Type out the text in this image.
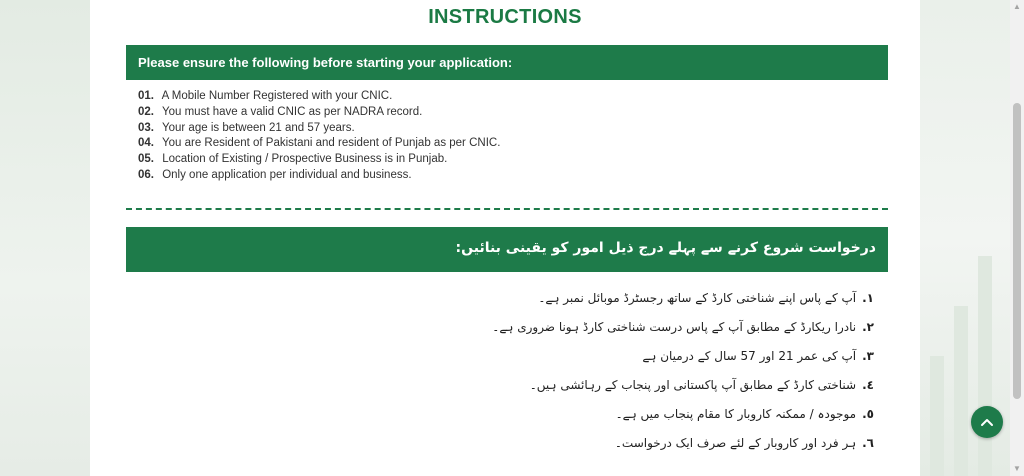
INSTRUCTIONS
Please ensure the following before starting your application:
01. A Mobile Number Registered with your CNIC.
02. You must have a valid CNIC as per NADRA record.
03. Your age is between 21 and 57 years.
04. You are Resident of Pakistani and resident of Punjab as per CNIC.
05. Location of Existing / Prospective Business is in Punjab.
06. Only one application per individual and business.
درخواست شروع کرنے سے پہلے درج ذیل امور کو یقینی بنائیں:
١.آپ کے پاس اپنے شناختی کارڈ کے ساتھ رجسٹرڈ موبائل نمبر ہے۔
٢.نادرا ریکارڈ کے مطابق آپ کے پاس درست شناختی کارڈ ہونا ضروری ہے۔
٣.آپ کی عمر 21 اور 57 سال کے درمیان ہے
٤.شناختی کارڈ کے مطابق آپ پاکستانی اور پنجاب کے رہائشی ہیں۔
٥.موجودہ / ممکنہ کاروبار کا مقام پنجاب میں ہے۔
٦.ہر فرد اور کاروبار کے لئے صرف ایک درخواست۔
▲
▼
